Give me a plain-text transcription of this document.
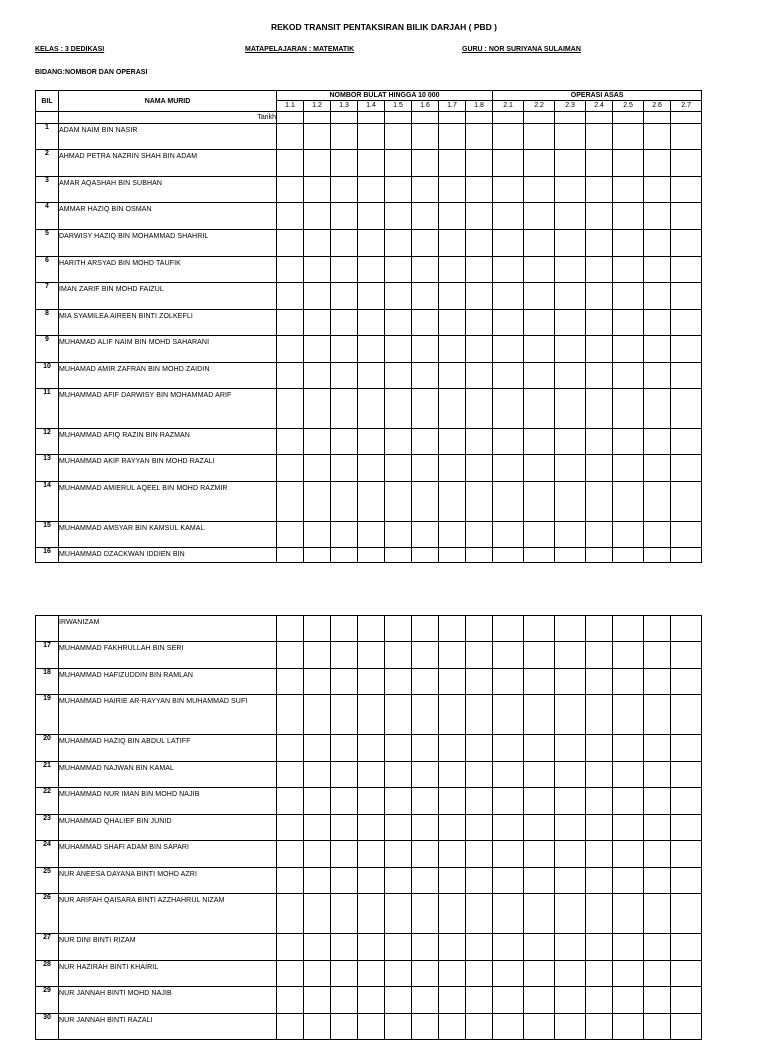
REKOD TRANSIT PENTAKSIRAN BILIK DARJAH ( PBD )
KELAS : 3 DEDIKASI	MATAPELAJARAN : MATEMATIK	GURU : NOR SURIYANA SULAIMAN
BIDANG:NOMBOR DAN OPERASI
BIL	NAMA MURID	NOMBOR BULAT HINGGA 10 000								OPERASI ASAS						
		1.1	1.2	1.3	1.4	1.5	1.6	1.7	1.8	2.1	2.2	2.3	2.4	2.5	2.6	2.7
	Tarikh															
1	ADAM NAIM BIN NASIR															
2	AHMAD PETRA NAZRIN SHAH BIN ADAM															
3	AMAR AQASHAH BIN SUBHAN															
4	AMMAR HAZIQ BIN OSMAN															
5	DARWISY HAZIQ BIN MOHAMMAD SHAHRIL															
6	HARITH ARSYAD BIN MOHD TAUFIK															
7	IMAN ZARIF BIN MOHD FAIZUL															
8	MIA SYAMILEA AIREEN BINTI ZOLKEFLI															
9	MUHAMAD ALIF NAIM BIN MOHD SAHARANI															
10	MUHAMAD AMIR ZAFRAN BIN MOHD ZAIDIN															
11	MUHAMMAD AFIF DARWISY BIN MOHAMMAD ARIF															
12	MUHAMMAD AFIQ RAZIN BIN RAZMAN															
13	MUHAMMAD AKIF RAYYAN BIN MOHD RAZALI															
14	MUHAMMAD AMIERUL AQEEL BIN MOHD RAZMIR															
15	MUHAMMAD AMSYAR BIN KAMSUL KAMAL															
16	MUHAMMAD DZACKWAN IDDIEN BIN															
	IRWANIZAM															
17	MUHAMMAD FAKHRULLAH BIN SERI															
18	MUHAMMAD HAFIZUDDIN BIN RAMLAN															
19	MUHAMMAD HAIRIE AR-RAYYAN BIN MUHAMMAD SUFI															
20	MUHAMMAD HAZIQ BIN ABDUL LATIFF															
21	MUHAMMAD NAJWAN BIN KAMAL															
22	MUHAMMAD NUR IMAN BIN MOHD NAJIB															
23	MUHAMMAD QHALIEF BIN JUNID															
24	MUHAMMAD SHAFI ADAM BIN SAPARI															
25	NUR ANEESA DAYANA BINTI MOHD AZRI															
26	NUR ARIFAH QAISARA BINTI AZZHAHRUL NIZAM															
27	NUR DINI BINTI RIZAM															
28	NUR HAZIRAH BINTI KHAIRIL															
29	NUR JANNAH BINTI MOHD NAJIB															
30	NUR JANNAH BINTI RAZALI															
